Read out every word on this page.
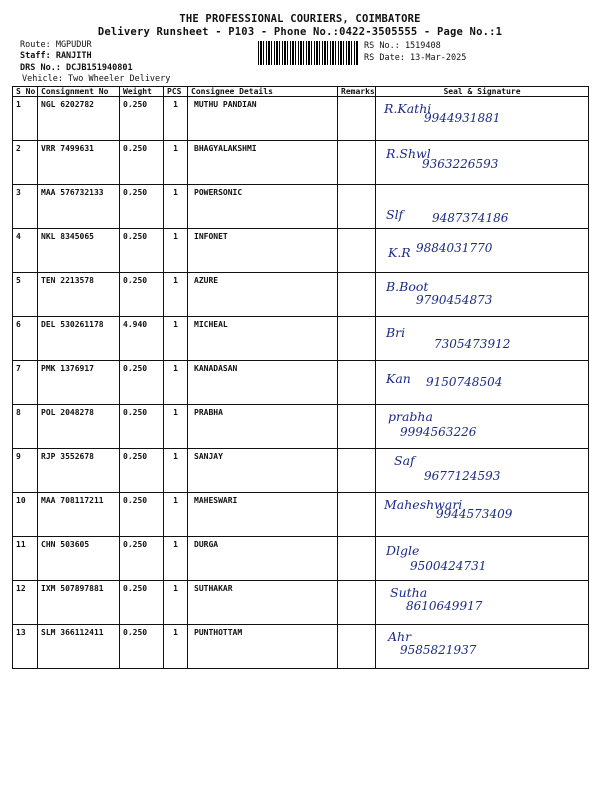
THE PROFESSIONAL COURIERS, COIMBATORE
Delivery Runsheet - P103 - Phone No.:0422-3505555 - Page No.:1
Route: MGPUDUR
Staff: RANJITH
DRS No.: DCJB151940801
Vehicle: Two Wheeler Delivery
RS No.: 1519408
RS Date: 13-Mar-2025
S No	Consignment No	Weight	PCS	Consignee Details	Remarks	Seal & Signature
1	NGL 6202782	0.250	1	MUTHU PANDIAN		R.Kathi
9944931881

2	VRR 7499631	0.250	1	BHAGYALAKSHMI		R.Shwl
9363226593

3	MAA 576732133	0.250	1	POWERSONIC		Slf 9487374186

4	NKL 8345065	0.250	1	INFONET		K.R 9884031770

5	TEN 2213578	0.250	1	AZURE		B.Boot
9790454873

6	DEL 530261178	4.940	1	MICHEAL		Bri
7305473912

7	PMK 1376917	0.250	1	KANADASAN		Kan 9150748504

8	POL 2048278	0.250	1	PRABHA		prabha
9994563226

9	RJP 3552678	0.250	1	SANJAY		Saf
9677124593

10	MAA 708117211	0.250	1	MAHESWARI		Maheshwari
9944573409

11	CHN 503605	0.250	1	DURGA		Dlgle
9500424731

12	IXM 507897881	0.250	1	SUTHAKAR		Sutha
8610649917

13	SLM 366112411	0.250	1	PUNTHOTTAM		Ahr
9585821937
